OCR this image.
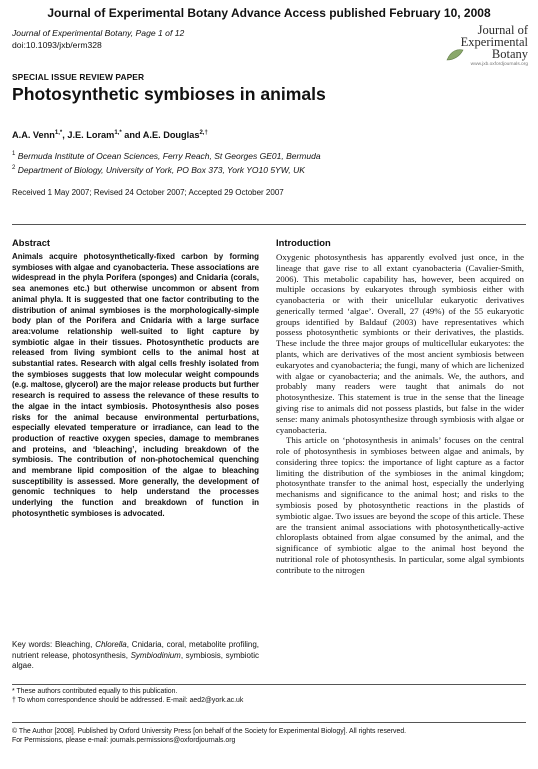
Journal of Experimental Botany Advance Access published February 10, 2008
Journal of Experimental Botany, Page 1 of 12
doi:10.1093/jxb/erm328
Journal of
Experimental
Botany
www.jxb.oxfordjournals.org
SPECIAL ISSUE REVIEW PAPER
Photosynthetic symbioses in animals
A.A. Venn$^{1,*}$, J.E. Loram$^{1,*}$ and A.E. Douglas$^{2,\dagger}$
$^1$ Bermuda Institute of Ocean Sciences, Ferry Reach, St Georges GE01, Bermuda
$^2$ Department of Biology, University of York, PO Box 373, York YO10 5YW, UK
Received 1 May 2007; Revised 24 October 2007; Accepted 29 October 2007
Abstract	Introduction
Animals acquire photosynthetically-fixed carbon by forming symbioses with algae and cyanobacteria. These associations are widespread in the phyla Porifera (sponges) and Cnidaria (corals, sea anemones etc.) but otherwise uncommon or absent from animal phyla. It is suggested that one factor contributing to the distribution of animal symbioses is the morphologically-simple body plan of the Porifera and Cnidaria with a large surface area:volume relationship well-suited to light capture by symbiotic algae in their tissues. Photosynthetic products are released from living symbiont cells to the animal host at substantial rates. Research with algal cells freshly isolated from the symbioses suggests that low molecular weight compounds (e.g. maltose, glycerol) are the major release products but further research is required to assess the relevance of these results to the algae in the intact symbiosis. Photosynthesis also poses risks for the animal because environmental perturbations, especially elevated temperature or irradiance, can lead to the production of reactive oxygen species, damage to membranes and proteins, and ‘bleaching’, including breakdown of the symbiosis. The contribution of non-photochemical quenching and membrane lipid composition of the algae to bleaching susceptibility is assessed. More generally, the development of genomic techniques to help understand the processes underlying the function and breakdown of function in photosynthetic symbioses is advocated.
Key words: Bleaching, Chlorella, Cnidaria, coral, metabolite profiling, nutrient release, photosynthesis, Symbiodinium, symbiosis, symbiotic algae.

Oxygenic photosynthesis has apparently evolved just once, in the lineage that gave rise to all extant cyanobacteria (Cavalier-Smith, 2006). This metabolic capability has, however, been acquired on multiple occasions by eukaryotes through symbiosis either with cyanobacteria or with their unicellular eukaryotic derivatives generically termed ‘algae’. Overall, 27 (49%) of the 55 eukaryotic groups identified by Baldauf (2003) have representatives which possess photosynthetic symbionts or their derivatives, the plastids. These include the three major groups of multicellular eukaryotes: the plants, which are derivatives of the most ancient symbiosis between eukaryotes and cyanobacteria; the fungi, many of which are lichenized with algae or cyanobacteria; and the animals. We, the authors, and probably many readers were taught that animals do not photosynthesize. This statement is true in the sense that the lineage giving rise to animals did not possess plastids, but false in the wider sense: many animals photosynthesize through symbiosis with algae or cyanobacteria.

This article on ‘photosynthesis in animals’ focuses on the central role of photosynthesis in symbioses between algae and animals, by considering three topics: the importance of light capture as a factor limiting the distribution of the symbioses in the animal kingdom; photosynthate transfer to the animal host, especially the underlying mechanisms and significance to the animal host; and risks to the symbiosis posed by photosynthetic reactions in the plastids of symbiotic algae. Two issues are beyond the scope of this article. These are the transient animal associations with photosynthetically-active chloroplasts obtained from algae consumed by the animal, and the significance of symbiotic algae to the animal host beyond the nutritional role of photosynthesis. In particular, some algal symbionts contribute to the nitrogen

* These authors contributed equally to this publication.
† To whom correspondence should be addressed. E-mail: aed2@york.ac.uk
© The Author [2008]. Published by Oxford University Press [on behalf of the Society for Experimental Biology]. All rights reserved.
For Permissions, please e-mail: journals.permissions@oxfordjournals.org
